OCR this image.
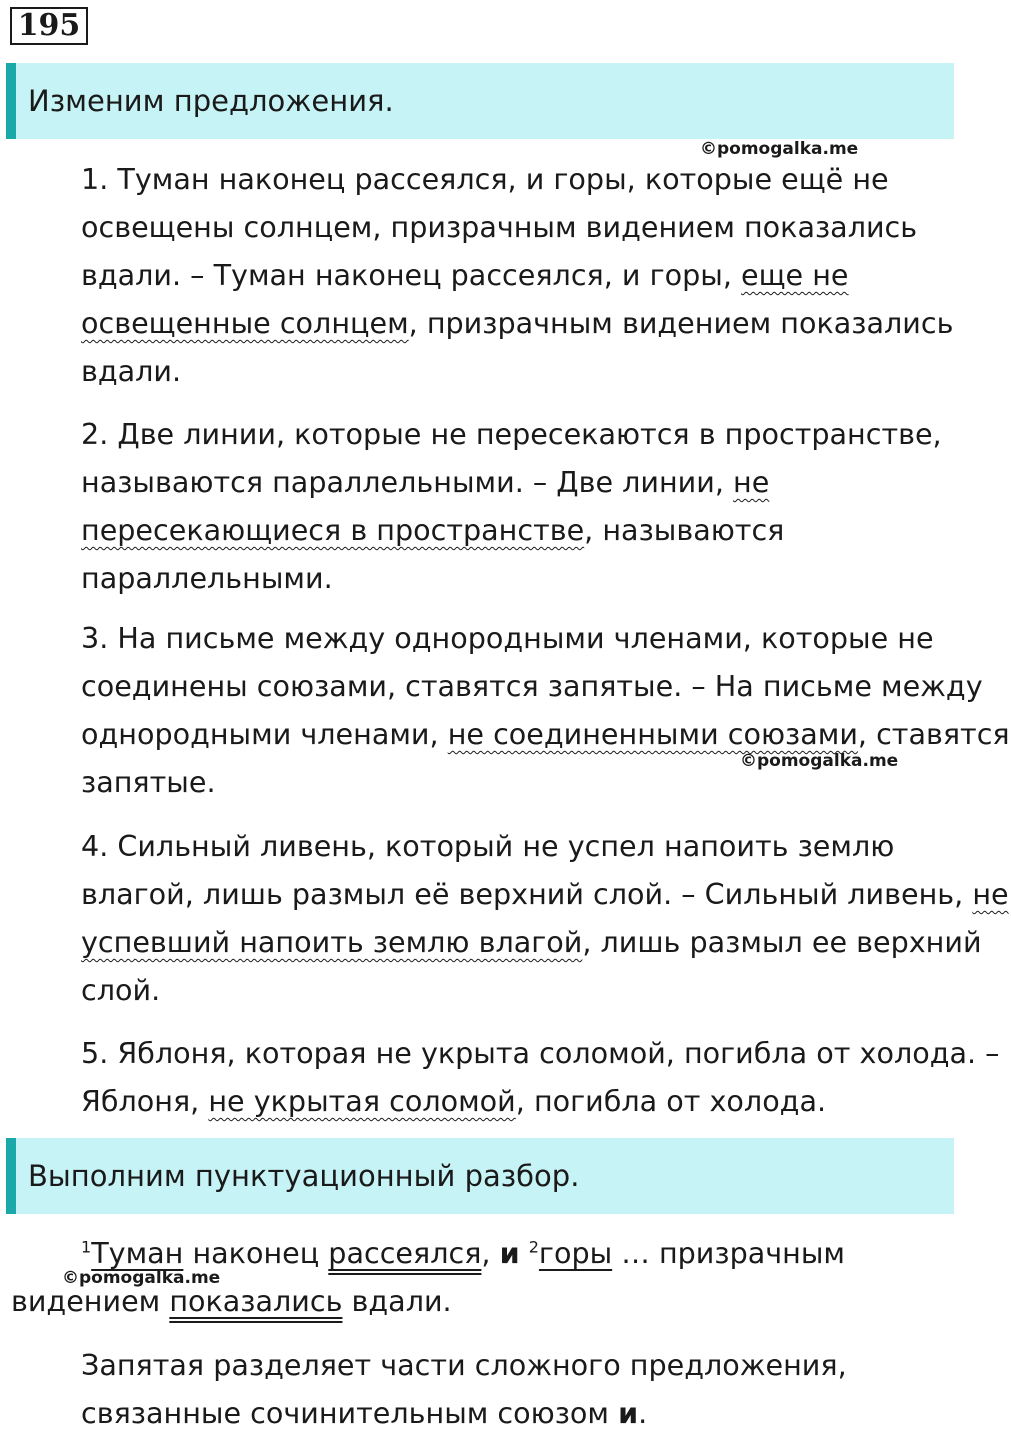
195
Изменим предложения.
©pomogalka.me
1. Туман наконец рассеялся, и горы, которые ещё не освещены солнцем, призрачным видением показались вдали. – Туман наконец рассеялся, и горы, еще не освещенные солнцем, призрачным видением показались вдали.
2. Две линии, которые не пересекаются в пространстве, называются параллельными. – Две линии, не пересекающиеся в пространстве, называются параллельными.
3. На письме между однородными членами, которые не соединены союзами, ставятся запятые. – На письме между однородными членами, не соединенными союзами, ставятся запятые.
©pomogalka.me
4. Сильный ливень, который не успел напоить землю влагой, лишь размыл её верхний слой. – Сильный ливень, не успевший напоить землю влагой, лишь размыл ее верхний слой.
5. Яблоня, которая не укрыта соломой, погибла от холода. – Яблоня, не укрытая соломой, погибла от холода.
Выполним пунктуационный разбор.
$^1$Туман наконец рассеялся, и $^2$горы … призрачным
видением показались вдали.
©pomogalka.me
Запятая разделяет части сложного предложения, связанные сочинительным союзом и.
